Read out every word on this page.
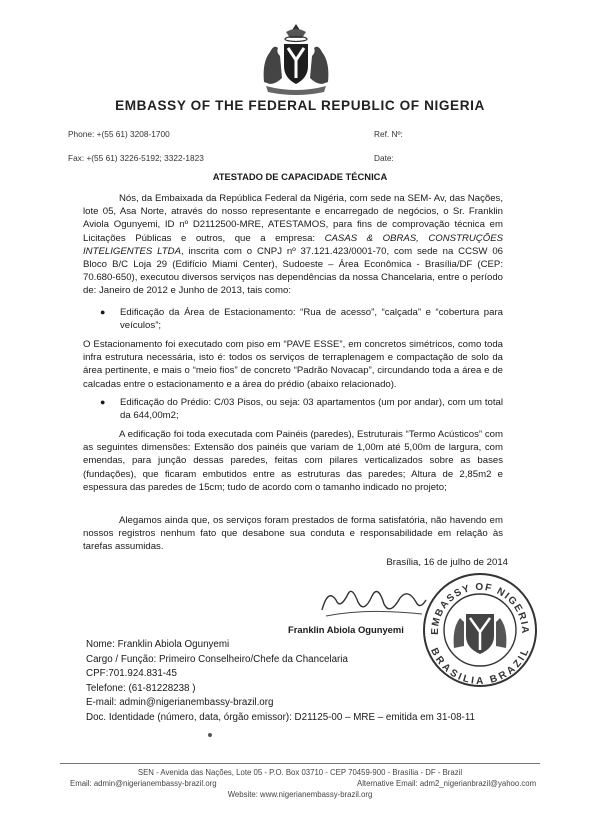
EMBASSY OF THE FEDERAL REPUBLIC OF NIGERIA
Phone: +(55 61) 3208-1700	Ref. Nº:
Fax: +(55 61) 3226-5192; 3322-1823	Date:
ATESTADO DE CAPACIDADE TÉCNICA

Nós, da Embaixada da República Federal da Nigéria, com sede na SEM- Av, das Nações, lote 05, Asa Norte, através do nosso representante e encarregado de negócios, o Sr. Franklin Aviola Ogunyemi, ID nº D2112500-MRE, ATESTAMOS, para fins de comprovação técnica em Licitações Públicas e outros, que a empresa: CASAS & OBRAS, CONSTRUÇÕES INTELIGENTES LTDA, inscrita com o CNPJ nº 37.121.423/0001-70, com sede na CCSW 06 Bloco B/C Loja 29 (Edifício Miami Center), Sudoeste – Área Econômica - Brasília/DF (CEP: 70.680-650), executou diversos serviços nas dependências da nossa Chancelaria, entre o período de: Janeiro de 2012 e Junho de 2013, tais como:

●	Edificação da Área de Estacionamento: “Rua de acesso”, “calçada” e “cobertura para veículos”;

O Estacionamento foi executado com piso em “PAVE ESSE”, em concretos simétricos, como toda infra estrutura necessária, isto é: todos os serviços de terraplenagem e compactação de solo da área pertinente, e mais o “meio fios” de concreto “Padrão Novacap”, circundando toda a área e de calcadas entre o estacionamento e a área do prédio (abaixo relacionado).

●	Edificação do Prédio: C/03 Pisos, ou seja: 03 apartamentos (um por andar), com um total da 644,00m2;

A edificação foi toda executada com Painéis (paredes), Estruturais “Termo Acústicos” com as seguintes dimensões: Extensão dos painéis que variam de 1,00m até 5,00m de largura, com emendas, para junção dessas paredes, feitas com pilares verticalizados sobre as bases (fundações), que ficaram embutidos entre as estruturas das paredes; Altura de 2,85m2 e espessura das paredes de 15cm; tudo de acordo com o tamanho indicado no projeto;

Alegamos ainda que, os serviços foram prestados de forma satisfatória, não havendo em nossos registros nenhum fato que desabone sua conduta e responsabilidade em relação às tarefas assumidas.

Brasília, 16 de julho de 2014
EMBASSY OF NIGERIA
BRASILIA BRAZIL
Franklin Abiola Ogunyemi
Nome: Franklin Abiola Ogunyemi
Cargo / Função: Primeiro Conselheiro/Chefe da Chancelaria
CPF:701.924.831-45
Telefone: (61-81228238 )
E-mail: admin@nigerianembassy-brazil.org
Doc. Identidade (número, data, órgão emissor): D21125-00 – MRE – emitida em 31-08-11
SEN - Avenida das Nações, Lote 05 - P.O. Box 03710 - CEP 70459-900 - Brasília - DF - Brazil
Email: admin@nigerianembassy-brazil.org	Alternative Email: adm2_nigerianbrazil@yahoo.com
Website: www.nigerianembassy-brazil.org
